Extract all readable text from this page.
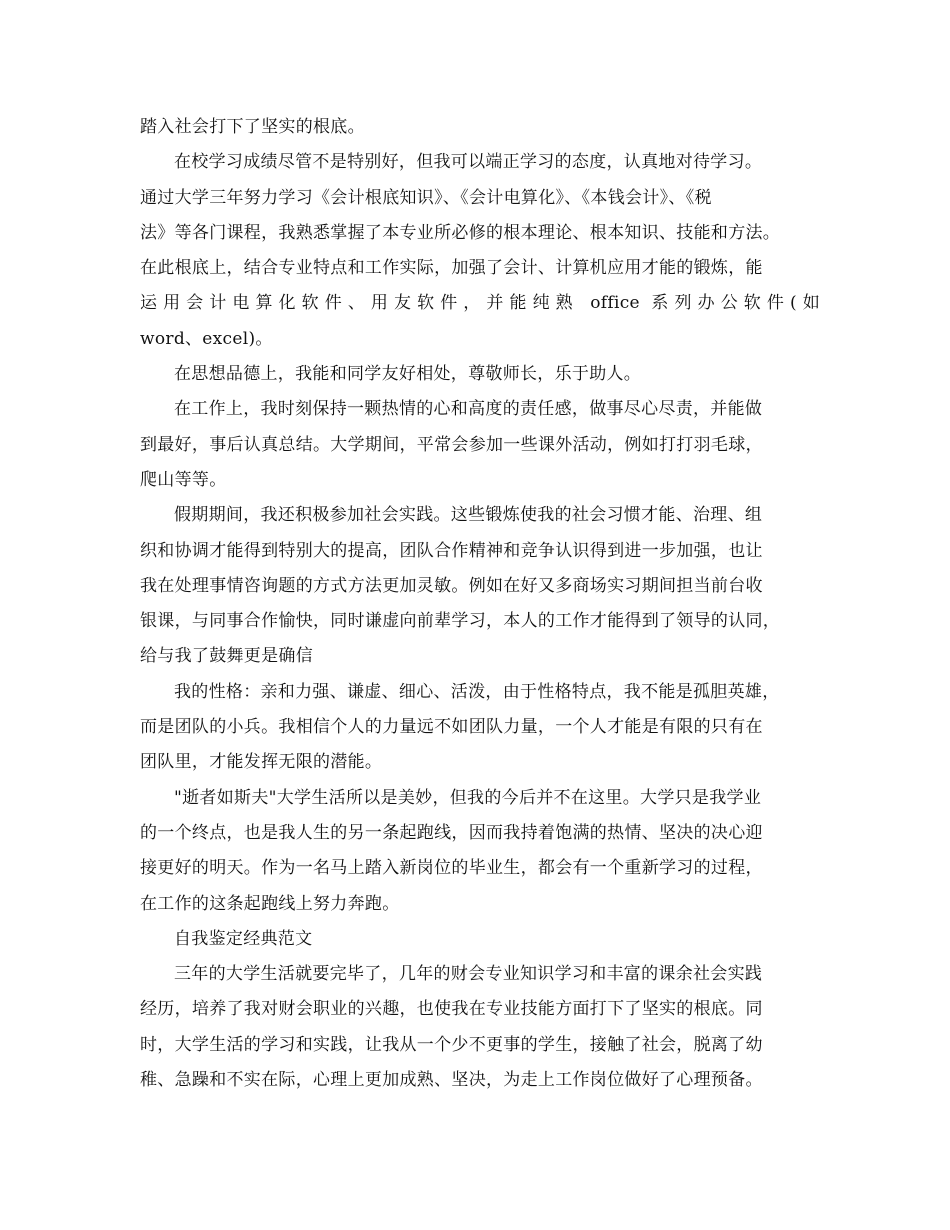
踏入社会打下了坚实的根底。
在校学习成绩尽管不是特别好，但我可以端正学习的态度，认真地对待学习。
通过大学三年努力学习《会计根底知识》、《会计电算化》、《本钱会计》、《税
法》等各门课程，我熟悉掌握了本专业所必修的根本理论、根本知识、技能和方法。
在此根底上，结合专业特点和工作实际，加强了会计、计算机应用才能的锻炼，能
运用会计电算化软件、用友软件，并能纯熟 office 系列办公软件(如
word、excel)。
在思想品德上，我能和同学友好相处，尊敬师长，乐于助人。
在工作上，我时刻保持一颗热情的心和高度的责任感，做事尽心尽责，并能做
到最好，事后认真总结。大学期间，平常会参加一些课外活动，例如打打羽毛球，
爬山等等。
假期期间，我还积极参加社会实践。这些锻炼使我的社会习惯才能、治理、组
织和协调才能得到特别大的提高，团队合作精神和竞争认识得到进一步加强，也让
我在处理事情咨询题的方式方法更加灵敏。例如在好又多商场实习期间担当前台收
银课，与同事合作愉快，同时谦虚向前辈学习，本人的工作才能得到了领导的认同，
给与我了鼓舞更是确信
我的性格：亲和力强、谦虚、细心、活泼，由于性格特点，我不能是孤胆英雄，
而是团队的小兵。我相信个人的力量远不如团队力量，一个人才能是有限的只有在
团队里，才能发挥无限的潜能。
"逝者如斯夫"大学生活所以是美妙，但我的今后并不在这里。大学只是我学业
的一个终点，也是我人生的另一条起跑线，因而我持着饱满的热情、坚决的决心迎
接更好的明天。作为一名马上踏入新岗位的毕业生，都会有一个重新学习的过程，
在工作的这条起跑线上努力奔跑。
自我鉴定经典范文
三年的大学生活就要完毕了，几年的财会专业知识学习和丰富的课余社会实践
经历，培养了我对财会职业的兴趣，也使我在专业技能方面打下了坚实的根底。同
时，大学生活的学习和实践，让我从一个少不更事的学生，接触了社会，脱离了幼
稚、急躁和不实在际，心理上更加成熟、坚决，为走上工作岗位做好了心理预备。
